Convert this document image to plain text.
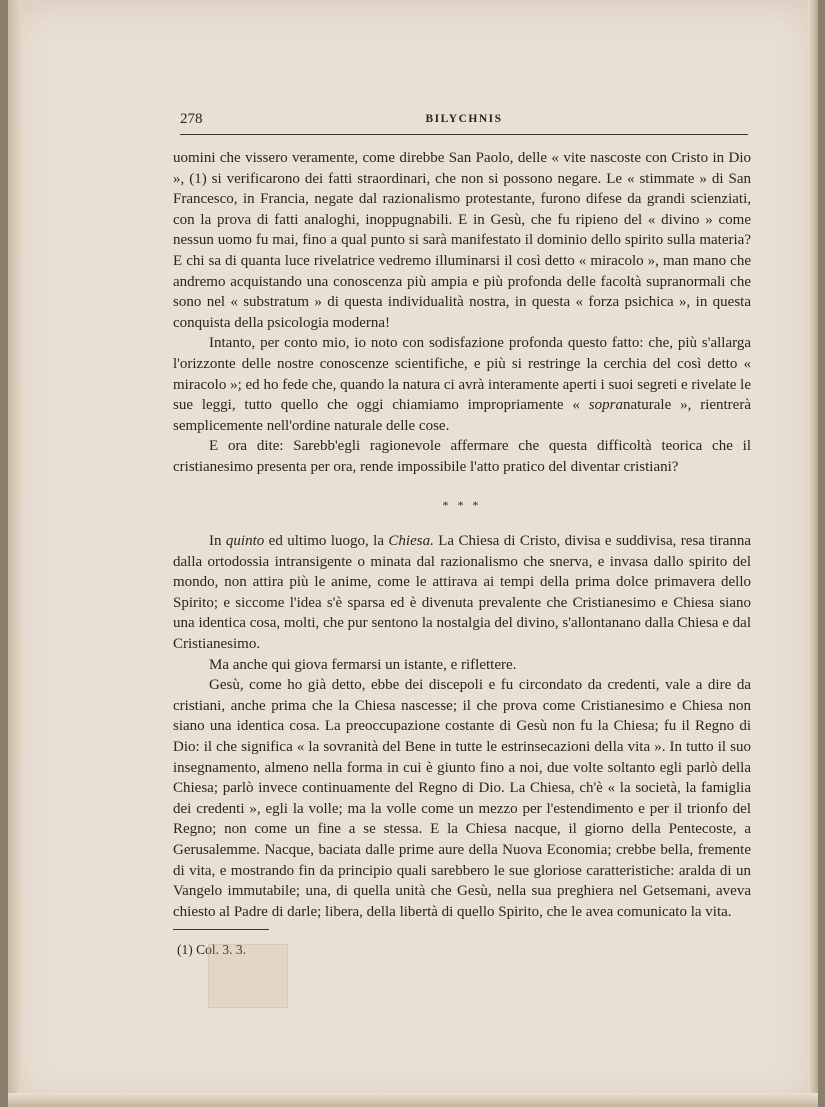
278	BILYCHNIS

uomini che vissero veramente, come direbbe San Paolo, delle « vite nascoste con Cristo in Dio », (1) si verificarono dei fatti straordinari, che non si possono negare. Le « stimmate » di San Francesco, in Francia, negate dal razionalismo protestante, furono difese da grandi scienziati, con la prova di fatti analoghi, inoppugnabili. E in Gesù, che fu ripieno del « divino » come nessun uomo fu mai, fino a qual punto si sarà manifestato il dominio dello spirito sulla materia? E chi sa di quanta luce rivelatrice vedremo illuminarsi il così detto « miracolo », man mano che andremo acquistando una conoscenza più ampia e più profonda delle facoltà supranormali che sono nel « substratum » di questa individualità nostra, in questa « forza psichica », in questa conquista della psicologia moderna!

Intanto, per conto mio, io noto con sodisfazione profonda questo fatto: che, più s'allarga l'orizzonte delle nostre conoscenze scientifiche, e più si restringe la cerchia del così detto « miracolo »; ed ho fede che, quando la natura ci avrà interamente aperti i suoi segreti e rivelate le sue leggi, tutto quello che oggi chiamiamo impropriamente « sopranaturale », rientrerà semplicemente nell'ordine naturale delle cose.

E ora dite: Sarebb'egli ragionevole affermare che questa difficoltà teorica che il cristianesimo presenta per ora, rende impossibile l'atto pratico del diventar cristiani?

* * *

In quinto ed ultimo luogo, la Chiesa. La Chiesa di Cristo, divisa e suddivisa, resa tiranna dalla ortodossia intransigente o minata dal razionalismo che snerva, e invasa dallo spirito del mondo, non attira più le anime, come le attirava ai tempi della prima dolce primavera dello Spirito; e siccome l'idea s'è sparsa ed è divenuta prevalente che Cristianesimo e Chiesa siano una identica cosa, molti, che pur sentono la nostalgia del divino, s'allontanano dalla Chiesa e dal Cristianesimo.

Ma anche qui giova fermarsi un istante, e riflettere.

Gesù, come ho già detto, ebbe dei discepoli e fu circondato da credenti, vale a dire da cristiani, anche prima che la Chiesa nascesse; il che prova come Cristianesimo e Chiesa non siano una identica cosa. La preoccupazione costante di Gesù non fu la Chiesa; fu il Regno di Dio: il che significa « la sovranità del Bene in tutte le estrinsecazioni della vita ». In tutto il suo insegnamento, almeno nella forma in cui è giunto fino a noi, due volte soltanto egli parlò della Chiesa; parlò invece continuamente del Regno di Dio. La Chiesa, ch'è « la società, la famiglia dei credenti », egli la volle; ma la volle come un mezzo per l'estendimento e per il trionfo del Regno; non come un fine a se stessa. E la Chiesa nacque, il giorno della Pentecoste, a Gerusalemme. Nacque, baciata dalle prime aure della Nuova Economia; crebbe bella, fremente di vita, e mostrando fin da principio quali sarebbero le sue gloriose caratteristiche: aralda di un Vangelo immutabile; una, di quella unità che Gesù, nella sua preghiera nel Getsemani, aveva chiesto al Padre di darle; libera, della libertà di quello Spirito, che le avea comunicato la vita.

(1) Col. 3. 3.
